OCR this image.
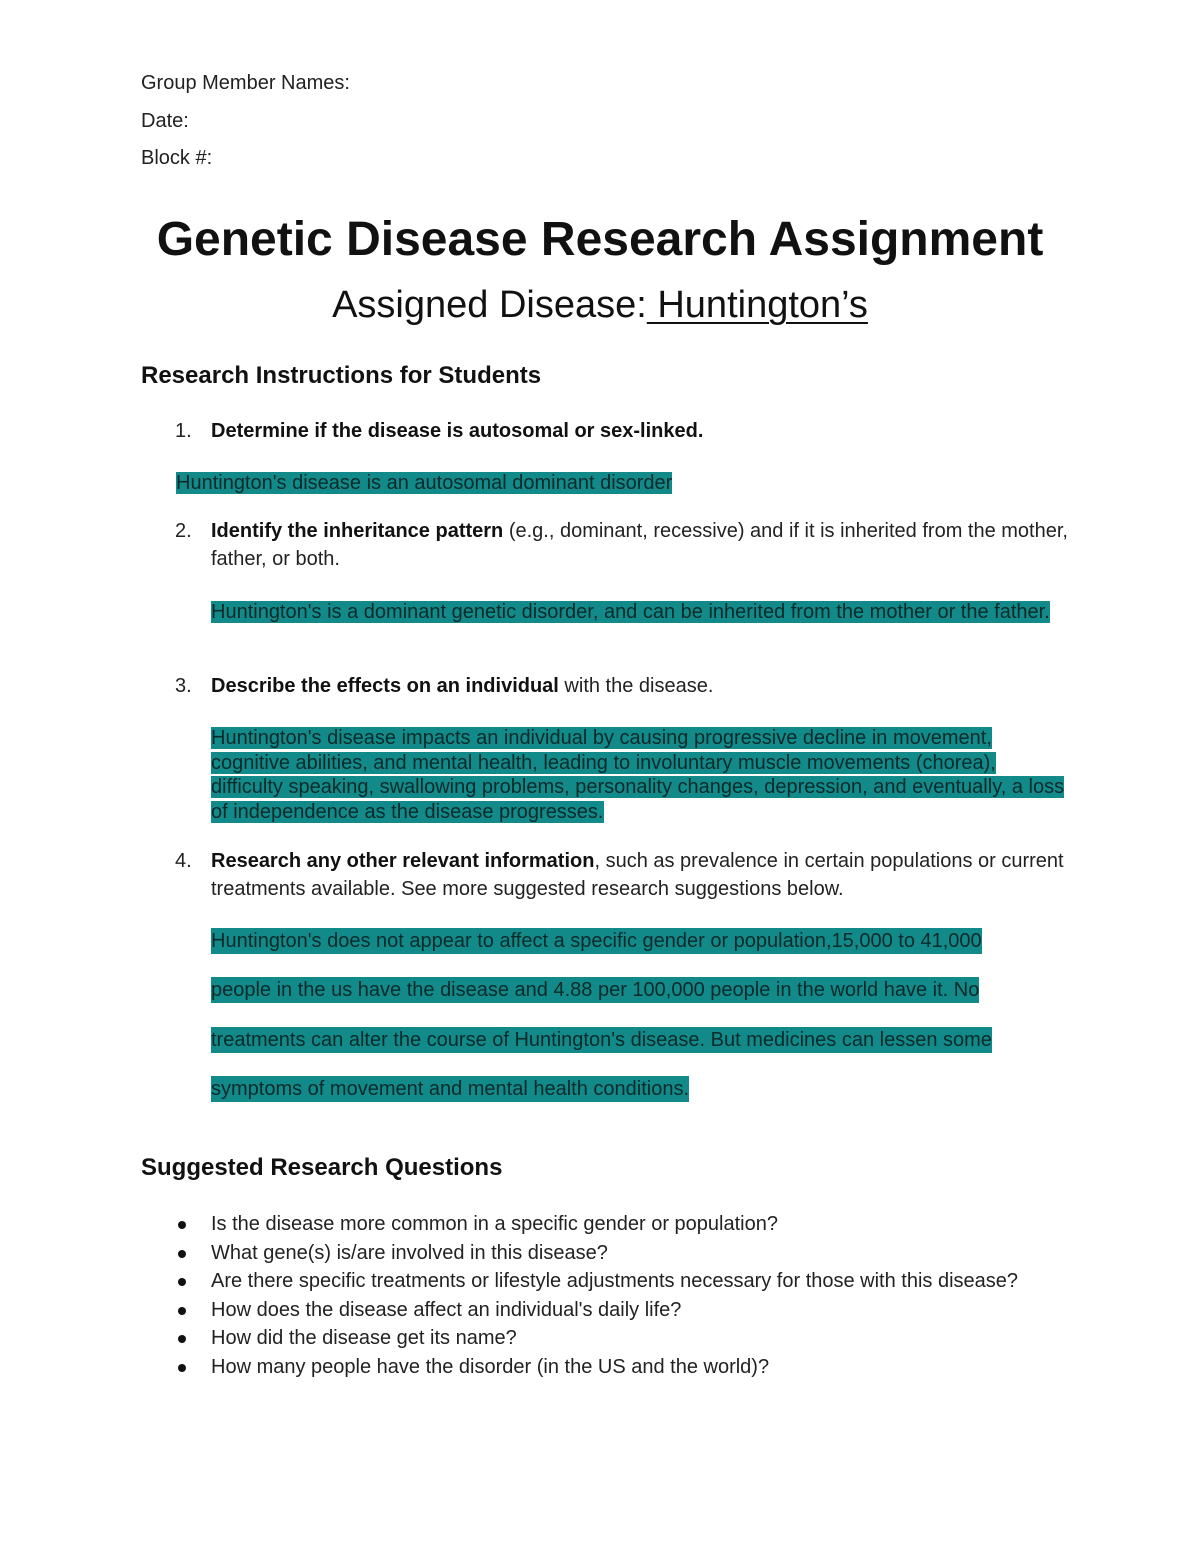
Group Member Names:
Date:
Block #:
Genetic Disease Research Assignment
Assigned Disease: Huntington’s
Research Instructions for Students
1. Determine if the disease is autosomal or sex-linked.
Huntington's disease is an autosomal dominant disorder
2. Identify the inheritance pattern (e.g., dominant, recessive) and if it is inherited from the mother, father, or both.
Huntington's is a dominant genetic disorder, and can be inherited from the mother or the father.
3. Describe the effects on an individual with the disease.
Huntington's disease impacts an individual by causing progressive decline in movement, cognitive abilities, and mental health, leading to involuntary muscle movements (chorea), difficulty speaking, swallowing problems, personality changes, depression, and eventually, a loss of independence as the disease progresses.
4. Research any other relevant information, such as prevalence in certain populations or current treatments available. See more suggested research suggestions below.
Huntington's does not appear to affect a specific gender or population,15,000 to 41,000
people in the us have the disease and 4.88 per 100,000 people in the world have it. No
treatments can alter the course of Huntington's disease. But medicines can lessen some
symptoms of movement and mental health conditions.
Suggested Research Questions
Is the disease more common in a specific gender or population?
What gene(s) is/are involved in this disease?
Are there specific treatments or lifestyle adjustments necessary for those with this disease?
How does the disease affect an individual's daily life?
How did the disease get its name?
How many people have the disorder (in the US and the world)?
